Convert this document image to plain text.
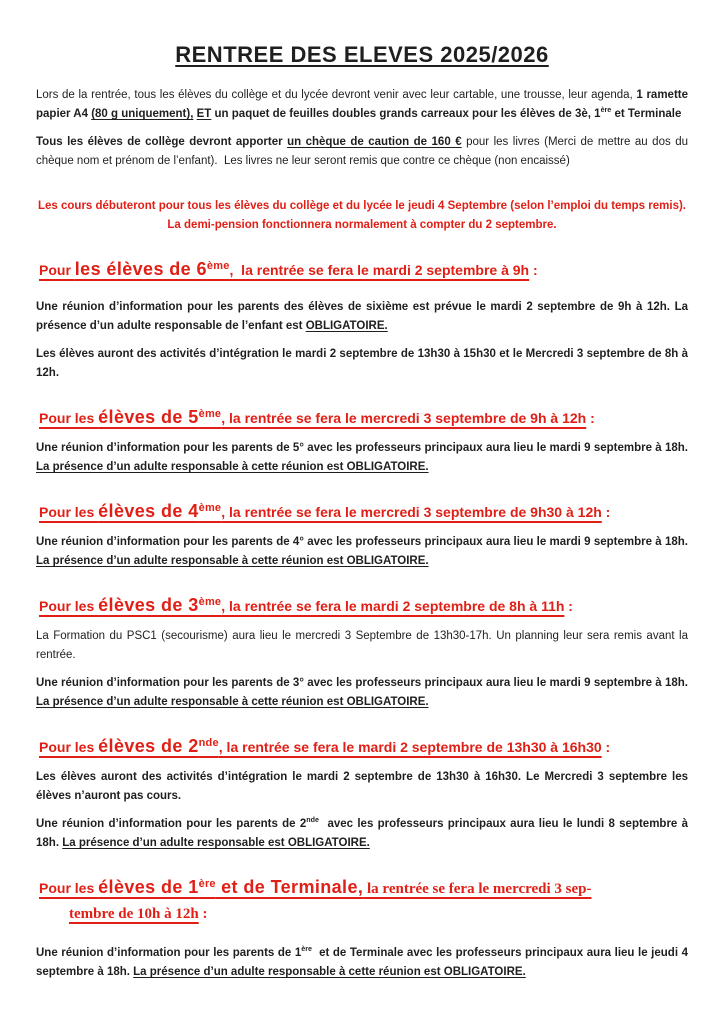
RENTREE DES ELEVES 2025/2026

Lors de la rentrée, tous les élèves du collège et du lycée devront venir avec leur cartable, une trousse, leur agenda, 1 ramette papier A4 (80 g uniquement), ET un paquet de feuilles doubles grands carreaux pour les élèves de 3è, 1ère et Terminale

Tous les élèves de collège devront apporter un chèque de caution de 160 € pour les livres (Merci de mettre au dos du chèque nom et prénom de l’enfant).  Les livres ne leur seront remis que contre ce chèque (non encaissé)

Les cours débuteront pour tous les élèves du collège et du lycée le jeudi 4 Septembre (selon l’emploi du temps remis). La demi-pension fonctionnera normalement à compter du 2 septembre.

Pour les élèves de 6ème,  la rentrée se fera le mardi 2 septembre à 9h :

Une réunion d’information pour les parents des élèves de sixième est prévue le mardi 2 septembre de 9h à 12h. La présence d’un adulte responsable de l’enfant est OBLIGATOIRE.

Les élèves auront des activités d’intégration le mardi 2 septembre de 13h30 à 15h30 et le Mercredi 3 septembre de 8h à 12h.

Pour les élèves de 5ème, la rentrée se fera le mercredi 3 septembre de 9h à 12h :

Une réunion d’information pour les parents de 5° avec les professeurs principaux aura lieu le mardi 9 septembre à 18h. La présence d’un adulte responsable à cette réunion est OBLIGATOIRE.

Pour les élèves de 4ème, la rentrée se fera le mercredi 3 septembre de 9h30 à 12h :

Une réunion d’information pour les parents de 4° avec les professeurs principaux aura lieu le mardi 9 septembre à 18h. La présence d’un adulte responsable à cette réunion est OBLIGATOIRE.

Pour les élèves de 3ème, la rentrée se fera le mardi 2 septembre de 8h à 11h :

La Formation du PSC1 (secourisme) aura lieu le mercredi 3 Septembre de 13h30-17h. Un planning leur sera remis avant la rentrée.

Une réunion d’information pour les parents de 3° avec les professeurs principaux aura lieu le mardi 9 septembre à 18h. La présence d’un adulte responsable à cette réunion est OBLIGATOIRE.

Pour les élèves de 2nde, la rentrée se fera le mardi 2 septembre de 13h30 à 16h30 :

Les élèves auront des activités d’intégration le mardi 2 septembre de 13h30 à 16h30. Le Mercredi 3 septembre les élèves n’auront pas cours.

Une réunion d’information pour les parents de 2nde  avec les professeurs principaux aura lieu le lundi 8 septembre à 18h. La présence d’un adulte responsable est OBLIGATOIRE.

Pour les élèves de 1ère et de Terminale, la rentrée se fera le mercredi 3 sep-
tembre de 10h à 12h :

Une réunion d’information pour les parents de 1ère  et de Terminale avec les professeurs principaux aura lieu le jeudi 4 septembre à 18h. La présence d’un adulte responsable à cette réunion est OBLIGATOIRE.
